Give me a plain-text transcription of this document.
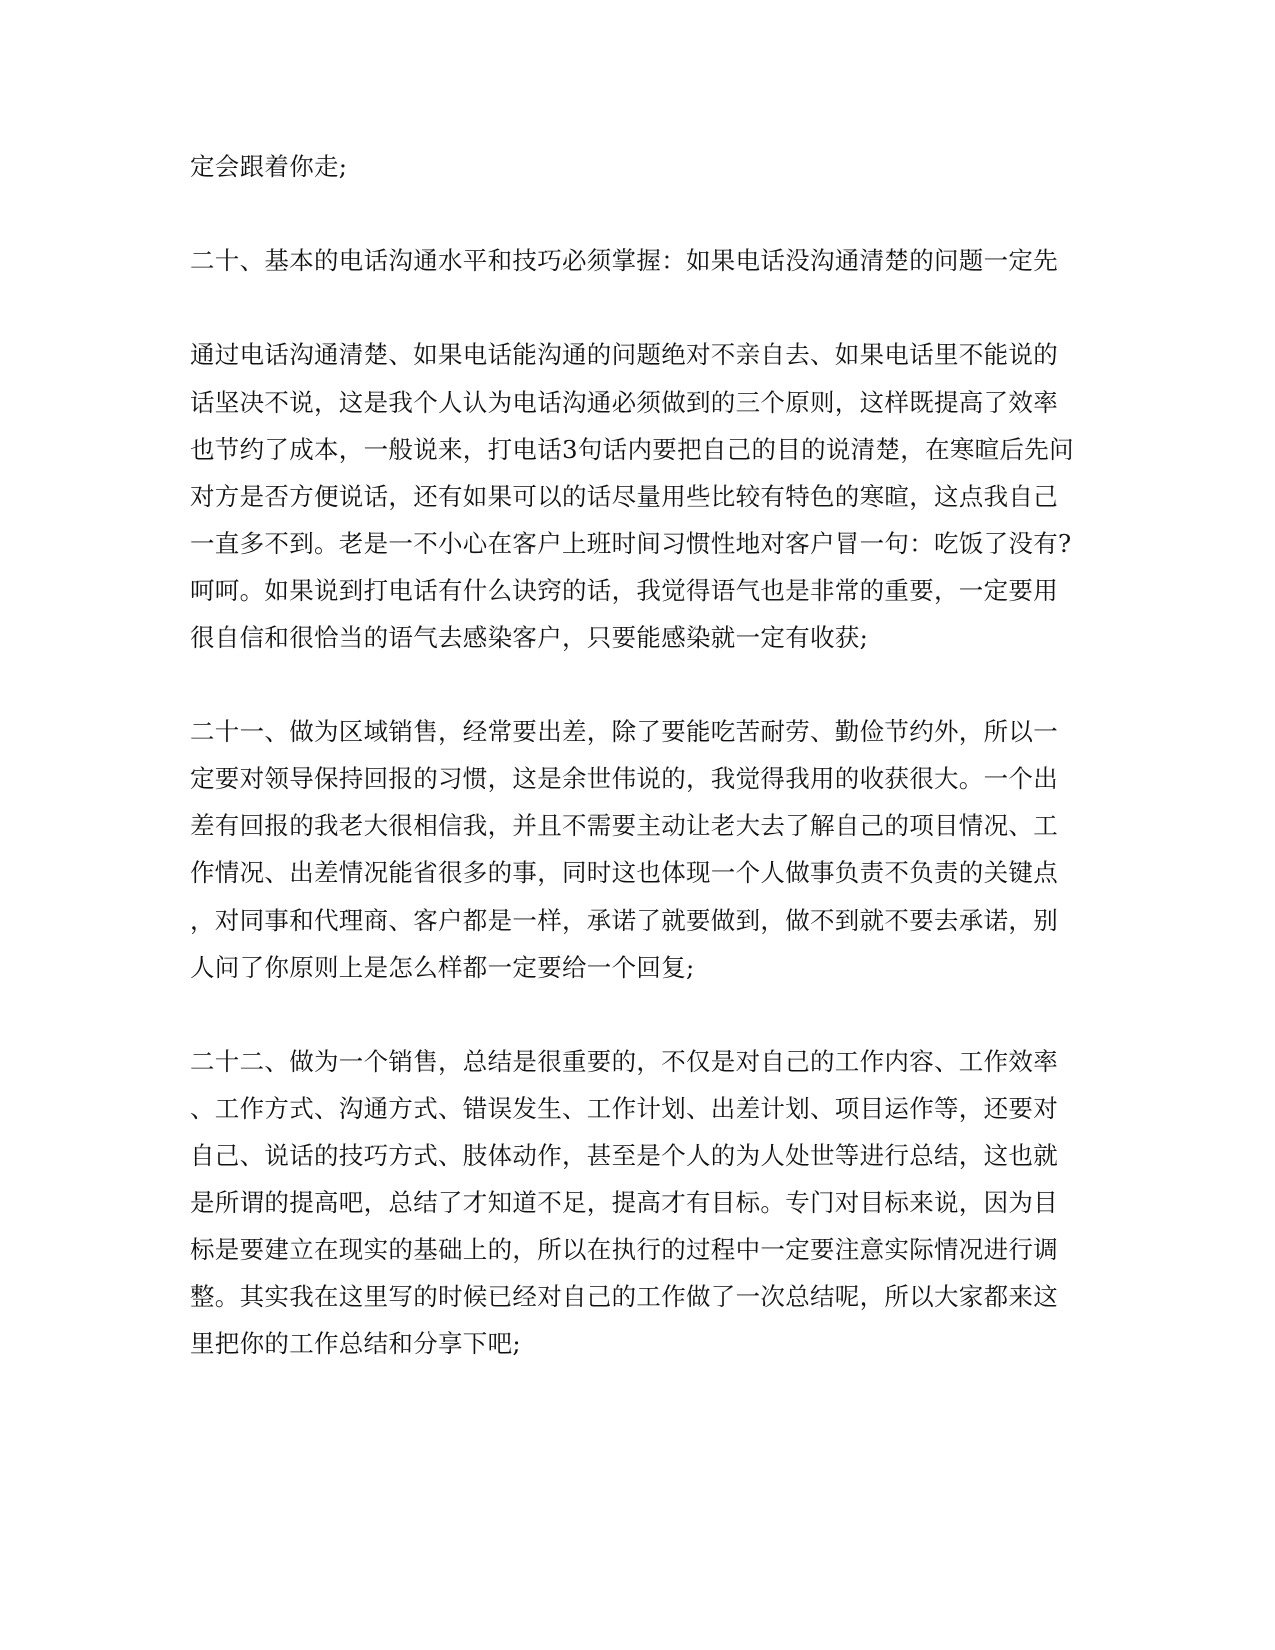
定会跟着你走;
二十、基本的电话沟通水平和技巧必须掌握：如果电话没沟通清楚的问题一定先
通过电话沟通清楚、如果电话能沟通的问题绝对不亲自去、如果电话里不能说的
话坚决不说，这是我个人认为电话沟通必须做到的三个原则，这样既提高了效率
也节约了成本，一般说来，打电话3句话内要把自己的目的说清楚，在寒暄后先问
对方是否方便说话，还有如果可以的话尽量用些比较有特色的寒暄，这点我自己
一直多不到。老是一不小心在客户上班时间习惯性地对客户冒一句：吃饭了没有?
呵呵。如果说到打电话有什么诀窍的话，我觉得语气也是非常的重要，一定要用
很自信和很恰当的语气去感染客户，只要能感染就一定有收获;
二十一、做为区域销售，经常要出差，除了要能吃苦耐劳、勤俭节约外，所以一
定要对领导保持回报的习惯，这是余世伟说的，我觉得我用的收获很大。一个出
差有回报的我老大很相信我，并且不需要主动让老大去了解自己的项目情况、工
作情况、出差情况能省很多的事，同时这也体现一个人做事负责不负责的关键点
，对同事和代理商、客户都是一样，承诺了就要做到，做不到就不要去承诺，别
人问了你原则上是怎么样都一定要给一个回复;
二十二、做为一个销售，总结是很重要的，不仅是对自己的工作内容、工作效率
、工作方式、沟通方式、错误发生、工作计划、出差计划、项目运作等，还要对
自己、说话的技巧方式、肢体动作，甚至是个人的为人处世等进行总结，这也就
是所谓的提高吧，总结了才知道不足，提高才有目标。专门对目标来说，因为目
标是要建立在现实的基础上的，所以在执行的过程中一定要注意实际情况进行调
整。其实我在这里写的时候已经对自己的工作做了一次总结呢，所以大家都来这
里把你的工作总结和分享下吧;
